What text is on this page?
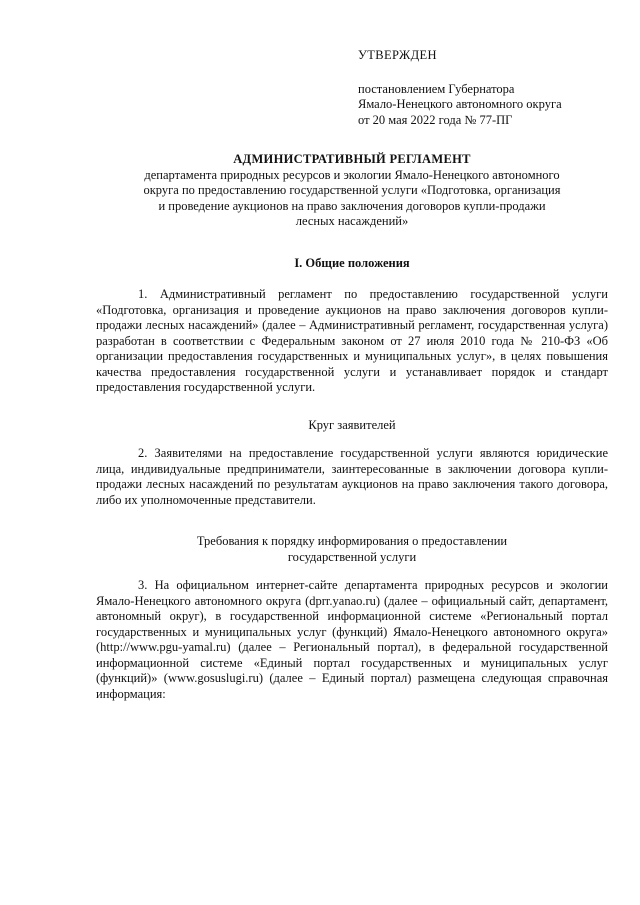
УТВЕРЖДЕН

постановлением Губернатора

Ямало-Ненецкого автономного округа

от 20 мая 2022 года № 77-ПГ

АДМИНИСТРАТИВНЫЙ РЕГЛАМЕНТ

департамента природных ресурсов и экологии Ямало-Ненецкого автономного

округа по предоставлению государственной услуги «Подготовка, организация

и проведение аукционов на право заключения договоров купли-продажи

лесных насаждений»

I. Общие положения

1. Административный регламент по предоставлению государственной услуги «Подготовка, организация и проведение аукционов на право заключения договоров купли-продажи лесных насаждений» (далее – Административный регламент, государственная услуга) разработан в соответствии с Федеральным законом от 27 июля 2010 года № 210-ФЗ «Об организации предоставления государственных и муниципальных услуг», в целях повышения качества предоставления государственной услуги и устанавливает порядок и стандарт предоставления государственной услуги.

Круг заявителей

2. Заявителями на предоставление государственной услуги являются юридические лица, индивидуальные предприниматели, заинтересованные в заключении договора купли-продажи лесных насаждений по результатам аукционов на право заключения такого договора, либо их уполномоченные представители.

Требования к порядку информирования о предоставлении

государственной услуги

3. На официальном интернет-сайте департамента природных ресурсов и экологии Ямало-Ненецкого автономного округа (dprr.yanao.ru) (далее – официальный сайт, департамент, автономный округ), в государственной информационной системе «Региональный портал государственных и муниципальных услуг (функций) Ямало-Ненецкого автономного округа» (http://www.pgu-yamal.ru) (далее – Региональный портал), в федеральной государственной информационной системе «Единый портал государственных и муниципальных услуг (функций)» (www.gosuslugi.ru) (далее – Единый портал) размещена следующая справочная информация:
